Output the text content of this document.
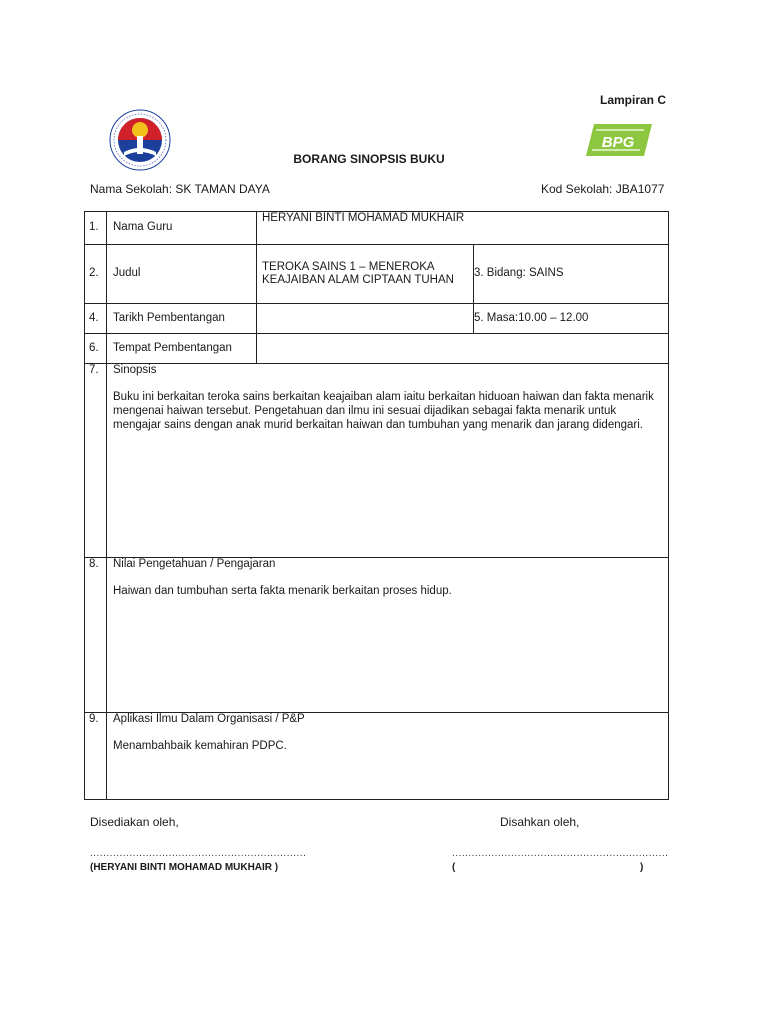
Lampiran C
BPG
BORANG SINOPSIS BUKU
Nama Sekolah: SK TAMAN DAYA	Kod Sekolah: JBA1077
1.	Nama Guru	HERYANI BINTI MOHAMAD MUKHAIR	
2.	Judul	TEROKA SAINS 1 – MENEROKA KEAJAIBAN ALAM CIPTAAN TUHAN	3. Bidang: SAINS
4.	Tarikh Pembentangan		5. Masa:10.00 – 12.00
6.	Tempat Pembentangan		
7.	Sinopsis
Buku ini berkaitan teroka sains berkaitan keajaiban alam iaitu berkaitan hiduoan haiwan dan fakta menarik mengenai haiwan tersebut. Pengetahuan dan ilmu ini sesuai dijadikan sebagai fakta menarik untuk mengajar sains dengan anak murid berkaitan haiwan dan tumbuhan yang menarik dan jarang didengari.		

8.	Nilai Pengetahuan / Pengajaran
Haiwan dan tumbuhan serta fakta menarik berkaitan proses hidup.		

9.	Aplikasi Ilmu Dalam Organisasi / P&P
Menambahbaik kemahiran PDPC.		
Disediakan oleh,	Disahkan oleh,
..................................................................	..................................................................
(HERYANI BINTI MOHAMAD MUKHAIR )	(	)
